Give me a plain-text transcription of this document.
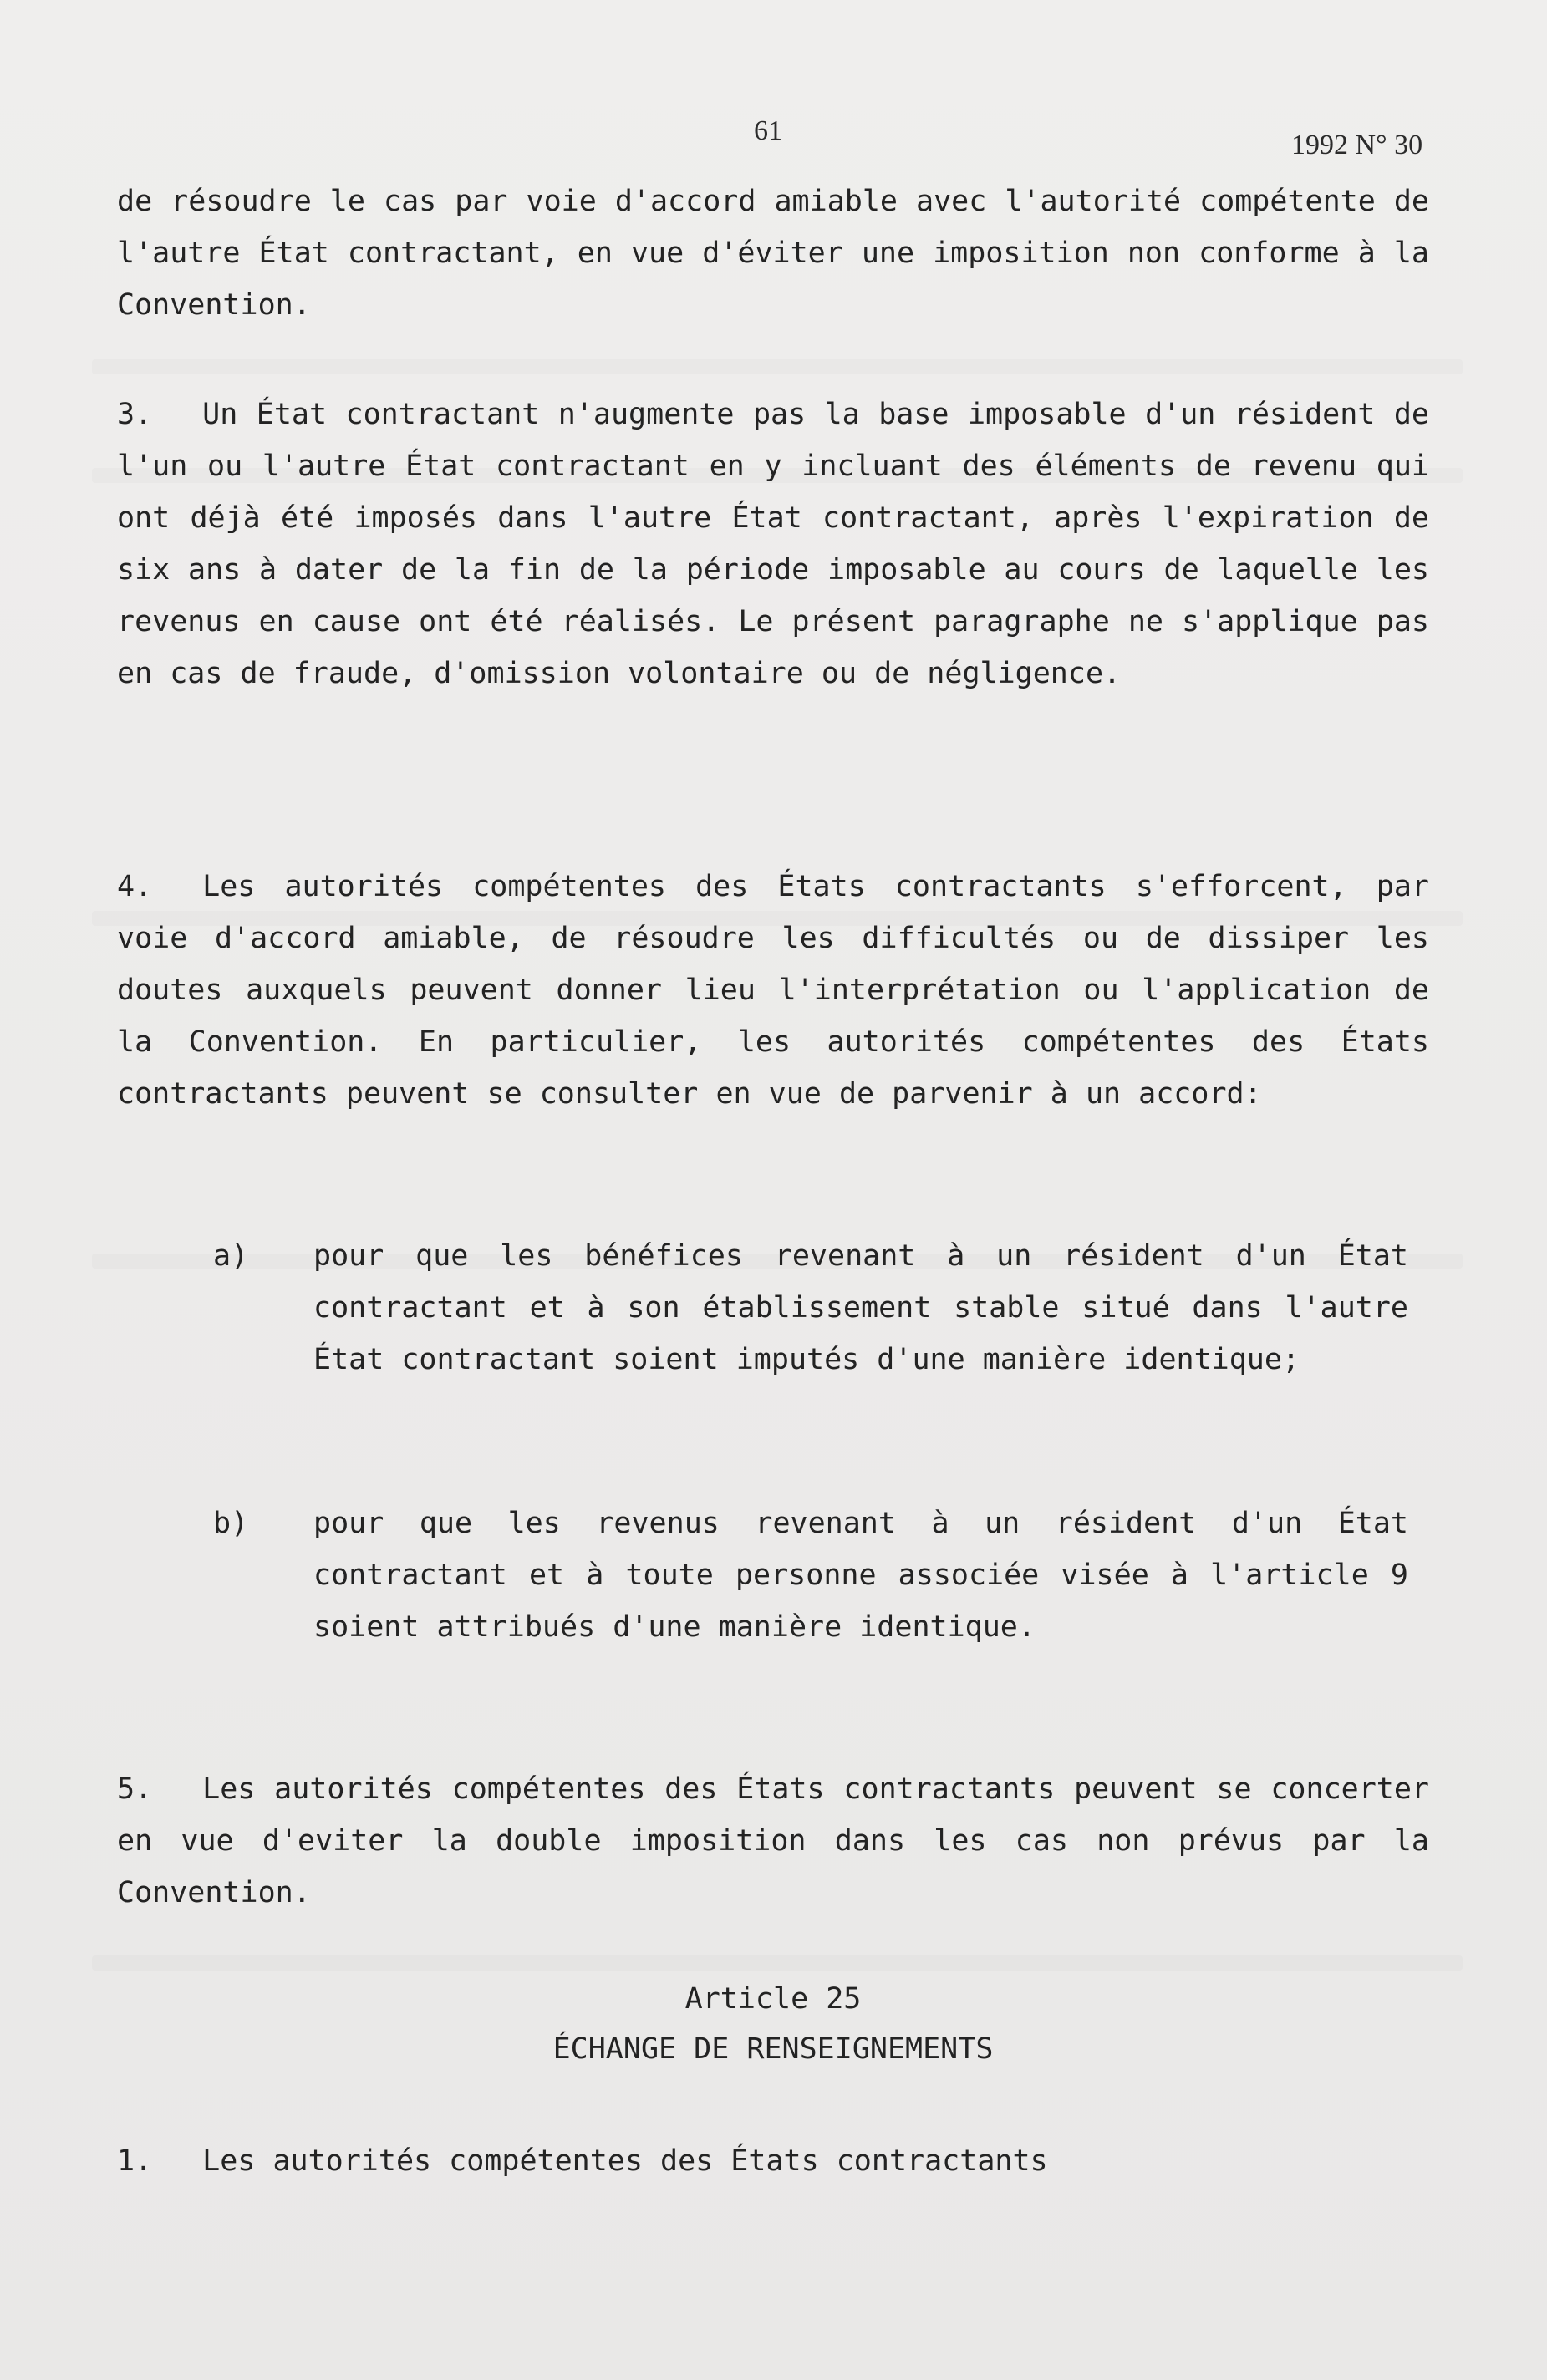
61	1992 N° 30

de résoudre le cas par voie d'accord amiable avec l'autorité compétente de l'autre État contractant, en vue d'éviter une imposition non conforme à la Convention.

3. Un État contractant n'augmente pas la base imposable d'un résident de l'un ou l'autre État contractant en y incluant des éléments de revenu qui ont déjà été imposés dans l'autre État contractant, après l'expiration de six ans à dater de la fin de la période imposable au cours de laquelle les revenus en cause ont été réalisés. Le présent paragraphe ne s'applique pas en cas de fraude, d'omission volontaire ou de négligence.

4. Les autorités compétentes des États contractants s'efforcent, par voie d'accord amiable, de résoudre les difficultés ou de dissiper les doutes auxquels peuvent donner lieu l'interprétation ou l'application de la Convention. En particulier, les autorités compétentes des États contractants peuvent se consulter en vue de parvenir à un accord:

a)	pour que les bénéfices revenant à un résident d'un État contractant et à son établissement stable situé dans l'autre État contractant soient imputés d'une manière identique;
b)	pour que les revenus revenant à un résident d'un État contractant et à toute personne associée visée à l'article 9 soient attribués d'une manière identique.

5. Les autorités compétentes des États contractants peuvent se concerter en vue d'eviter la double imposition dans les cas non prévus par la Convention.

Article 25
ÉCHANGE DE RENSEIGNEMENTS

1. Les autorités compétentes des États contractants
